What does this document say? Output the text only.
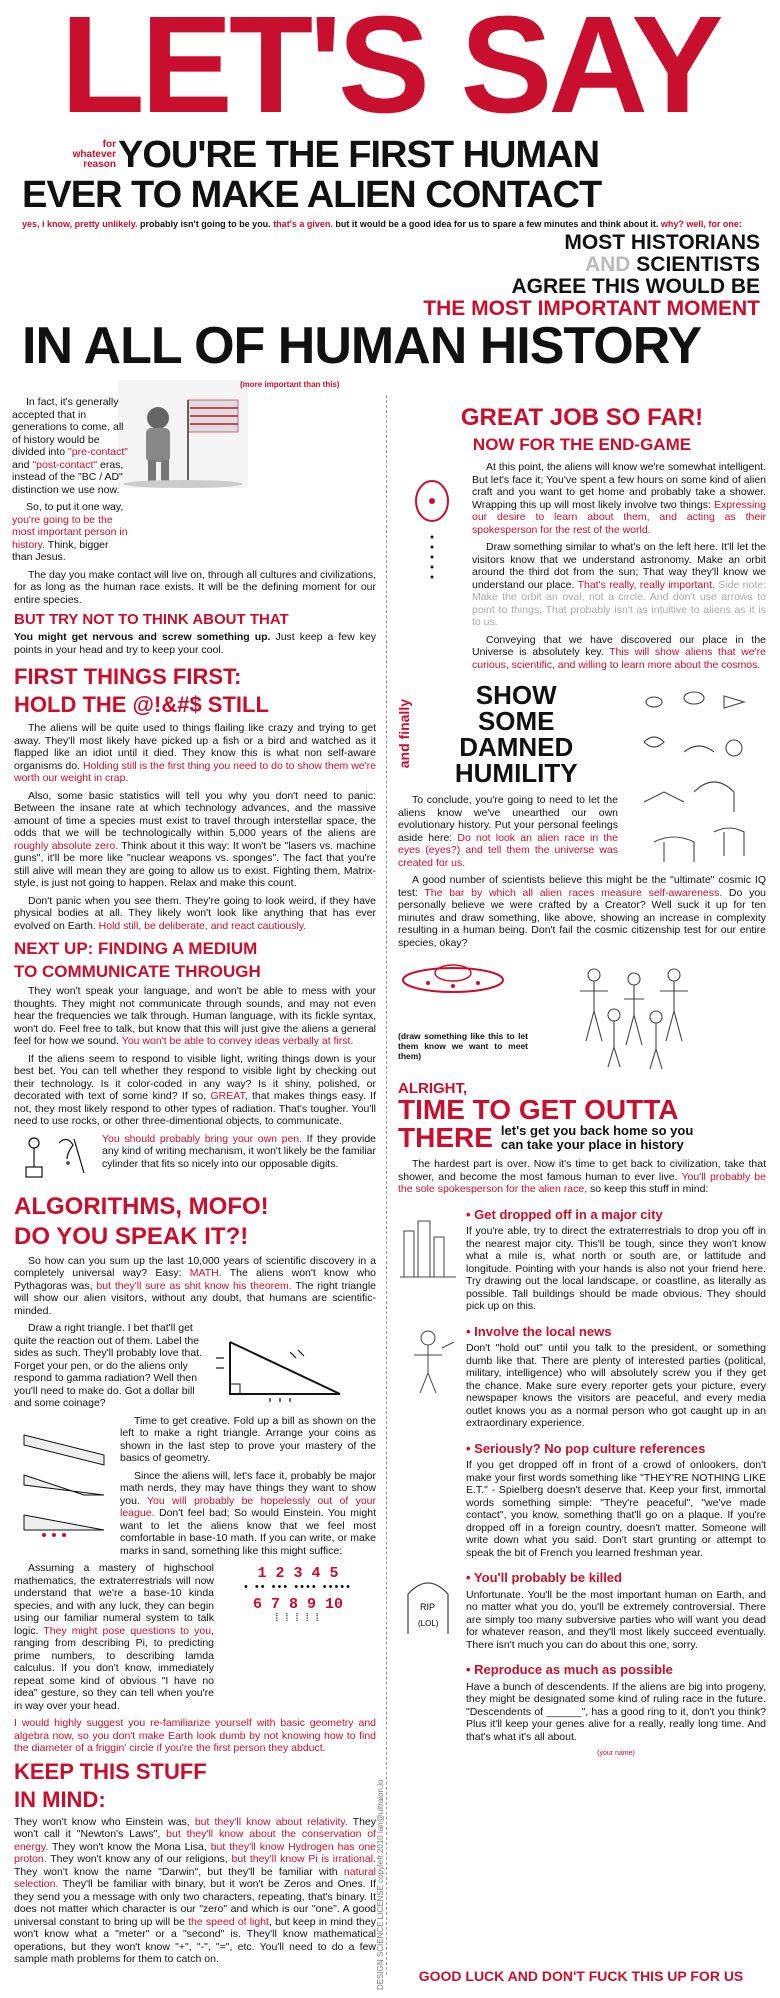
LET'S SAY
for whatever reason YOU'RE THE FIRST HUMAN
EVER TO MAKE ALIEN CONTACT
yes, i know, pretty unlikely. probably isn't going to be you. that's a given. but it would be a good idea for us to spare a few minutes and think about it. why? well, for one:
MOST HISTORIANS
AND SCIENTISTS
AGREE THIS WOULD BE
THE MOST IMPORTANT MOMENT
IN ALL OF HUMAN HISTORY
(more important than this)

In fact, it's generally accepted that in generations to come, all of history would be divided into "pre-contact" and "post-contact" eras, instead of the "BC / AD" distinction we use now.

So, to put it one way, you're going to be the most important person in history. Think, bigger than Jesus.

The day you make contact will live on, through all cultures and civilizations, for as long as the human race exists. It will be the defining moment for our entire species.

BUT TRY NOT TO THINK ABOUT THAT

You might get nervous and screw something up. Just keep a few key points in your head and try to keep your cool.

FIRST THINGS FIRST:
HOLD THE @!&#$ STILL

The aliens will be quite used to things flailing like crazy and trying to get away. They'll most likely have picked up a fish or a bird and watched as it flapped like an idiot until it died. They know this is what non self-aware organisms do. Holding still is the first thing you need to do to show them we're worth our weight in crap.

Also, some basic statistics will tell you why you don't need to panic: Between the insane rate at which technology advances, and the massive amount of time a species must exist to travel through interstellar space, the odds that we will be technologically within 5,000 years of the aliens are roughly absolute zero. Think about it this way: It won't be "lasers vs. machine guns", it'll be more like "nuclear weapons vs. sponges". The fact that you're still alive will mean they are going to allow us to exist. Fighting them, Matrix-style, is just not going to happen. Relax and make this count.

Don't panic when you see them. They're going to look weird, if they have physical bodies at all. They likely won't look like anything that has ever evolved on Earth. Hold still, be deliberate, and react cautiously.

NEXT UP: FINDING A MEDIUM
TO COMMUNICATE THROUGH

They won't speak your language, and won't be able to mess with your thoughts. They might not communicate through sounds, and may not even hear the frequencies we talk through. Human language, with its fickle syntax, won't do. Feel free to talk, but know that this will just give the aliens a general feel for how we sound. You won't be able to convey ideas verbally at first.

If the aliens seem to respond to visible light, writing things down is your best bet. You can tell whether they respond to visible light by checking out their technology. Is it color-coded in any way? Is it shiny, polished, or decorated with text of some kind? If so, GREAT, that makes things easy. If not, they most likely respond to other types of radiation. That's tougher. You'll need to use rocks, or other three-dimentional objects, to communicate.

You should probably bring your own pen. If they provide any kind of writing mechanism, it won't likely be the familiar cylinder that fits so nicely into our opposable digits.

ALGORITHMS, MOFO!
DO YOU SPEAK IT?!

So how can you sum up the last 10,000 years of scientific discovery in a completely universal way? Easy: MATH. The aliens won't know who Pythagoras was, but they'll sure as shit know his theorem. The right triangle will show our alien visitors, without any doubt, that humans are scientific-minded.

Draw a right triangle. I bet that'll get quite the reaction out of them. Label the sides as such. They'll probably love that. Forget your pen, or do the aliens only respond to gamma radiation? Well then you'll need to make do. Got a dollar bill and some coinage?

Time to get creative. Fold up a bill as shown on the left to make a right triangle. Arrange your coins as shown in the last step to prove your mastery of the basics of geometry.

Since the aliens will, let's face it, probably be major math nerds, they may have things they want to show you. You will probably be hopelessly out of your league. Don't feel bad; So would Einstein. You might want to let the aliens know that we feel most comfortable in base-10 math. If you can write, or make marks in sand, something like this might suffice:

Assuming a mastery of highschool mathematics, the extraterrestrials will now understand that we're a base-10 kinda species, and with any luck, they can begin using our familiar numeral system to talk logic. They might pose questions to you, ranging from describing Pi, to predicting prime numbers, to describing lamda calculus. If you don't know, immediately repeat some kind of obvious "I have no idea" gesture, so they can tell when you're in way over your head.

1 2 3 4 5
• •• ••• •••• •••••
6 7 8 9 10
⁞ ⁞ ⁞ ⁞ ⁞

I would highly suggest you re-familiarize yourself with basic geometry and algebra now, so you don't make Earth look dumb by not knowing how to find the diameter of a friggin' circle if you're the first person they abduct.

KEEP THIS STUFF
IN MIND:

They won't know who Einstein was, but they'll know about relativity. They won't call it "Newton's Laws", but they'll know about the conservation of energy. They won't know the Mona Lisa, but they'll know Hydrogen has one proton. They won't know any of our religions, but they'll know Pi is irrational. They won't know the name "Darwin", but they'll be familiar with natural selection. They'll be familiar with binary, but it won't be Zeros and Ones. If they send you a message with only two characters, repeating, that's binary. It does not matter which character is our "zero" and which is our "one". A good universal constant to bring up will be the speed of light, but keep in mind they won't know what a "meter" or a "second" is. They'll know mathematical operations, but they won't know "+", "-", "=", etc. You'll need to do a few sample math problems for them to catch on.	DESIGN SCIENCE LICENSE copyleft 2010 ian@ultraion.io
GREAT JOB SO FAR!
NOW FOR THE END-GAME

At this point, the aliens will know we're somewhat intelligent. But let's face it; You've spent a few hours on some kind of alien craft and you want to get home and probably take a shower. Wrapping this up will most likely involve two things: Expressing our desire to learn about them, and acting as their spokesperson for the rest of the world.

Draw something similar to what's on the left here. It'll let the visitors know that we understand astronomy. Make an orbit around the third dot from the sun; That way they'll know we understand our place. That's really, really important. Side note: Make the orbit an oval, not a circle. And don't use arrows to point to things; That probably isn't as intuitive to aliens as it is to us.

Conveying that we have discovered our place in the Universe is absolutely key. This will show aliens that we're curious, scientific, and willing to learn more about the cosmos.

and finally
SHOW
SOME
DAMNED
HUMILITY

To conclude, you're going to need to let the aliens know we've unearthed our own evolutionary history. Put your personal feelings aside here: Do not look an alien race in the eyes (eyes?) and tell them the universe was created for us.

A good number of scientists believe this might be the "ultimate" cosmic IQ test: The bar by which all alien races measure self-awareness. Do you personally believe we were crafted by a Creator? Well suck it up for ten minutes and draw something, like above, showing an increase in complexity resulting in a human being. Don't fail the cosmic citizenship test for our entire species, okay?

(draw something like this to let them know we want to meet them)
ALRIGHT,
TIME TO GET OUTTA
THERE let's get you back home so you
can take your place in history

The hardest part is over. Now it's time to get back to civilization, take that shower, and become the most famous human to ever live. You'll probably be the sole spokesperson for the alien race, so keep this stuff in mind:

• Get dropped off in a major city

If you're able, try to direct the extraterrestrials to drop you off in the nearest major city. This'll be tough, since they won't know what a mile is, what north or south are, or lattitude and longitude. Pointing with your hands is also not your friend here. Try drawing out the local landscape, or coastline, as literally as possible. Tall buildings should be made obvious. They should pick up on this.

• Involve the local news

Don't "hold out" until you talk to the president, or something dumb like that. There are plenty of interested parties (political, military, intelligence) who will absolutely screw you if they get the chance. Make sure every reporter gets your picture, every newspaper knows the visitors are peaceful, and every media outlet knows you as a normal person who got caught up in an extraordinary experience.

• Seriously? No pop culture references

If you get dropped off in front of a crowd of onlookers, don't make your first words something like "THEY'RE NOTHING LIKE E.T." - Spielberg doesn't deserve that. Keep your first, immortal words something simple: "They're peaceful", "we've made contact", you know, something that'll go on a plaque. If you're dropped off in a foreign country, doesn't matter. Someone will write down what you said. Don't start grunting or attempt to speak the bit of French you learned freshman year.

RIP
(LOL)
• You'll probably be killed

Unfortunate. You'll be the most important human on Earth, and no matter what you do, you'll be extremely controversial. There are simply too many subversive parties who will want you dead for whatever reason, and they'll most likely succeed eventually. There isn't much you can do about this one, sorry.

• Reproduce as much as possible

Have a bunch of descendents. If the aliens are big into progeny, they might be designated some kind of ruling race in the future. "Descendents of ______", has a good ring to it, don't you think? Plus it'll keep your genes alive for a really, really long time. And that's what it's all about.

(your name)
GOOD LUCK AND DON'T FUCK THIS UP FOR US
